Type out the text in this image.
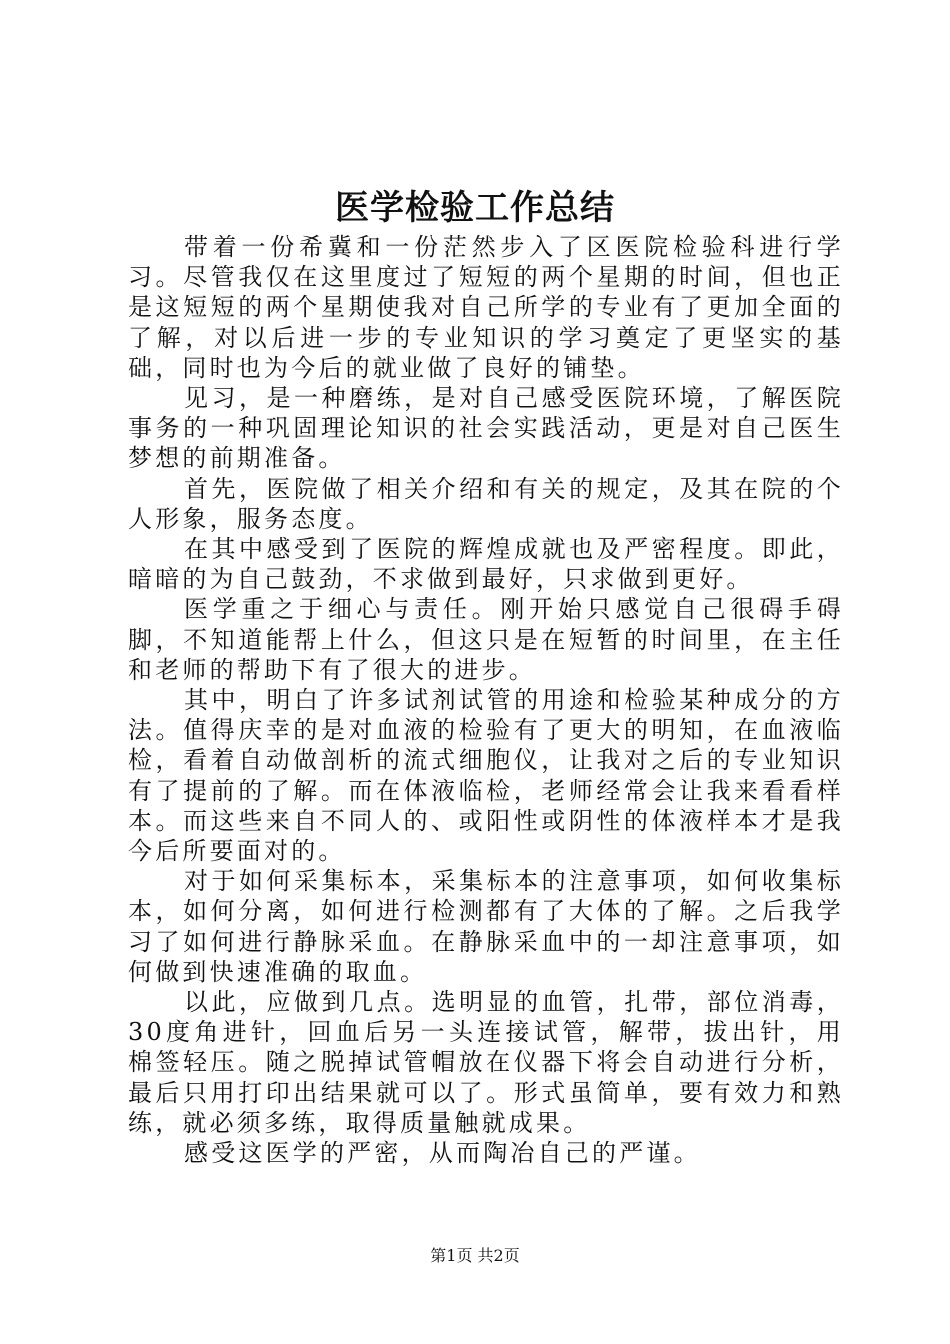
医学检验工作总结

带着一份希冀和一份茫然步入了区医院检验科进行学习。尽管我仅在这里度过了短短的两个星期的时间，但也正是这短短的两个星期使我对自己所学的专业有了更加全面的了解，对以后进一步的专业知识的学习奠定了更坚实的基础，同时也为今后的就业做了良好的铺垫。

见习，是一种磨练，是对自己感受医院环境，了解医院事务的一种巩固理论知识的社会实践活动，更是对自己医生梦想的前期准备。

首先，医院做了相关介绍和有关的规定，及其在院的个人形象，服务态度。

在其中感受到了医院的辉煌成就也及严密程度。即此，暗暗的为自己鼓劲，不求做到最好，只求做到更好。

医学重之于细心与责任。刚开始只感觉自己很碍手碍脚，不知道能帮上什么，但这只是在短暂的时间里，在主任和老师的帮助下有了很大的进步。

其中，明白了许多试剂试管的用途和检验某种成分的方法。值得庆幸的是对血液的检验有了更大的明知，在血液临检，看着自动做剖析的流式细胞仪，让我对之后的专业知识有了提前的了解。而在体液临检，老师经常会让我来看看样本。而这些来自不同人的、或阳性或阴性的体液样本才是我今后所要面对的。

对于如何采集标本，采集标本的注意事项，如何收集标本，如何分离，如何进行检测都有了大体的了解。之后我学习了如何进行静脉采血。在静脉采血中的一却注意事项，如何做到快速准确的取血。

以此，应做到几点。选明显的血管，扎带，部位消毒，30度角进针，回血后另一头连接试管，解带，拔出针，用棉签轻压。随之脱掉试管帽放在仪器下将会自动进行分析，最后只用打印出结果就可以了。形式虽简单，要有效力和熟练，就必须多练，取得质量触就成果。

感受这医学的严密，从而陶冶自己的严谨。

第1页 共2页
